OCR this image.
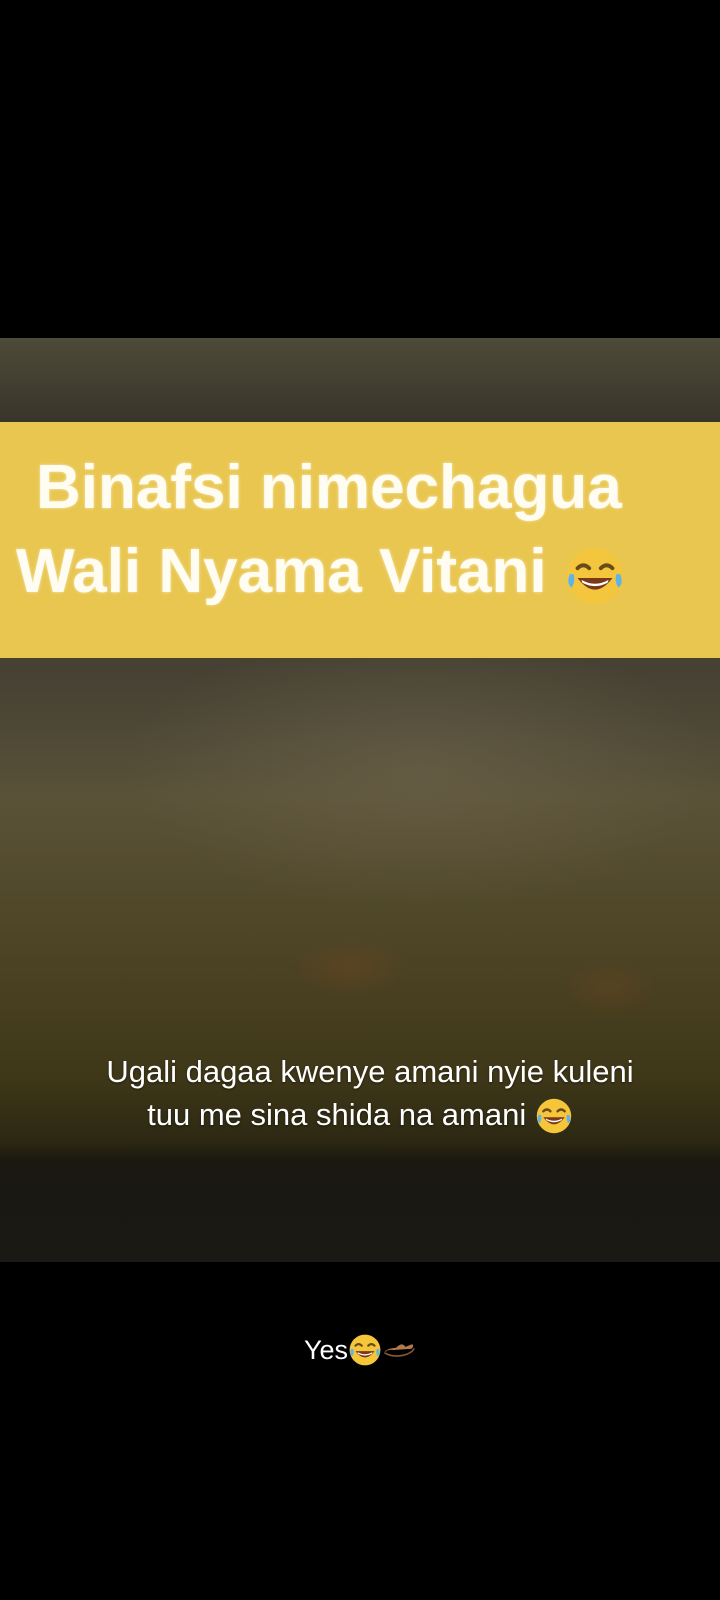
Binafsi nimechagua
Wali Nyama Vitani
Ugali dagaa kwenye amani nyie kuleni
tuu me sina shida na amani
Yes
